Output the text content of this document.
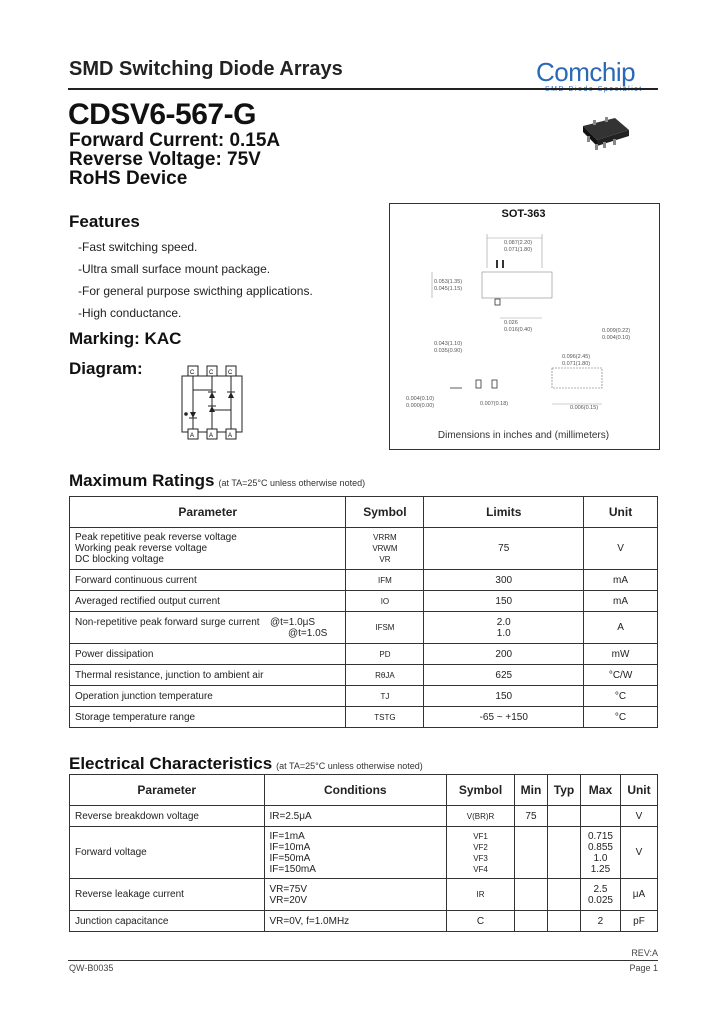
SMD Switching Diode Arrays	Comchip
CDSV6-567-G
Forward Current: 0.15A
Reverse Voltage: 75V
RoHS Device
Features
-Fast switching speed.
-Ultra small surface mount package.
-For general purpose swicthing applications.
-High conductance.
Marking: KAC
Diagram:	C C C
A A A
SOT-363
0.087(2.20)
0.071(1.80)
0.053(1.35)
0.045(1.15)
0.026
0.016(0.40)
0.043(1.10)
0.035(0.90)
0.004(0.10)
0.000(0.00)	0.007(0.18)
0.009(0.22)
0.004(0.10)
0.096(2.45)
0.071(1.80)
0.006(0.15)
Dimensions in inches and (millimeters)
Maximum Ratings (at TA=25°C unless otherwise noted)
Parameter	Symbol	Limits	Unit

Peak repetitive peak reverse voltage
Working peak reverse voltage
DC blocking voltage	VRRM
VRWM
VR	75	V
Forward continuous current	IFM	300	mA
Averaged rectified output current	IO	150	mA

Non-repetitive peak forward surge current @t=1.0μS
@t=1.0S	IFSM	2.0
1.0	A
Power dissipation	PD	200	mW
Thermal resistance, junction to ambient air	RθJA	625	°C/W
Operation junction temperature	TJ	150	°C
Storage temperature range	TSTG	-65 ~ +150	°C
Electrical Characteristics (at TA=25°C unless otherwise noted)
Parameter	Conditions	Symbol	Min	Typ	Max	Unit
Reverse breakdown voltage	IR=2.5μA	V(BR)R	75			V
Forward voltage	IF=1mA
IF=10mA
IF=50mA
IF=150mA	VF1
VF2
VF3
VF4			0.715
0.855
1.0
1.25	V
Reverse leakage current	VR=75V
VR=20V	IR			2.5
0.025	μA
Junction capacitance	VR=0V, f=1.0MHz	C			2	pF
REV:A
QW-B0035	Page 1
